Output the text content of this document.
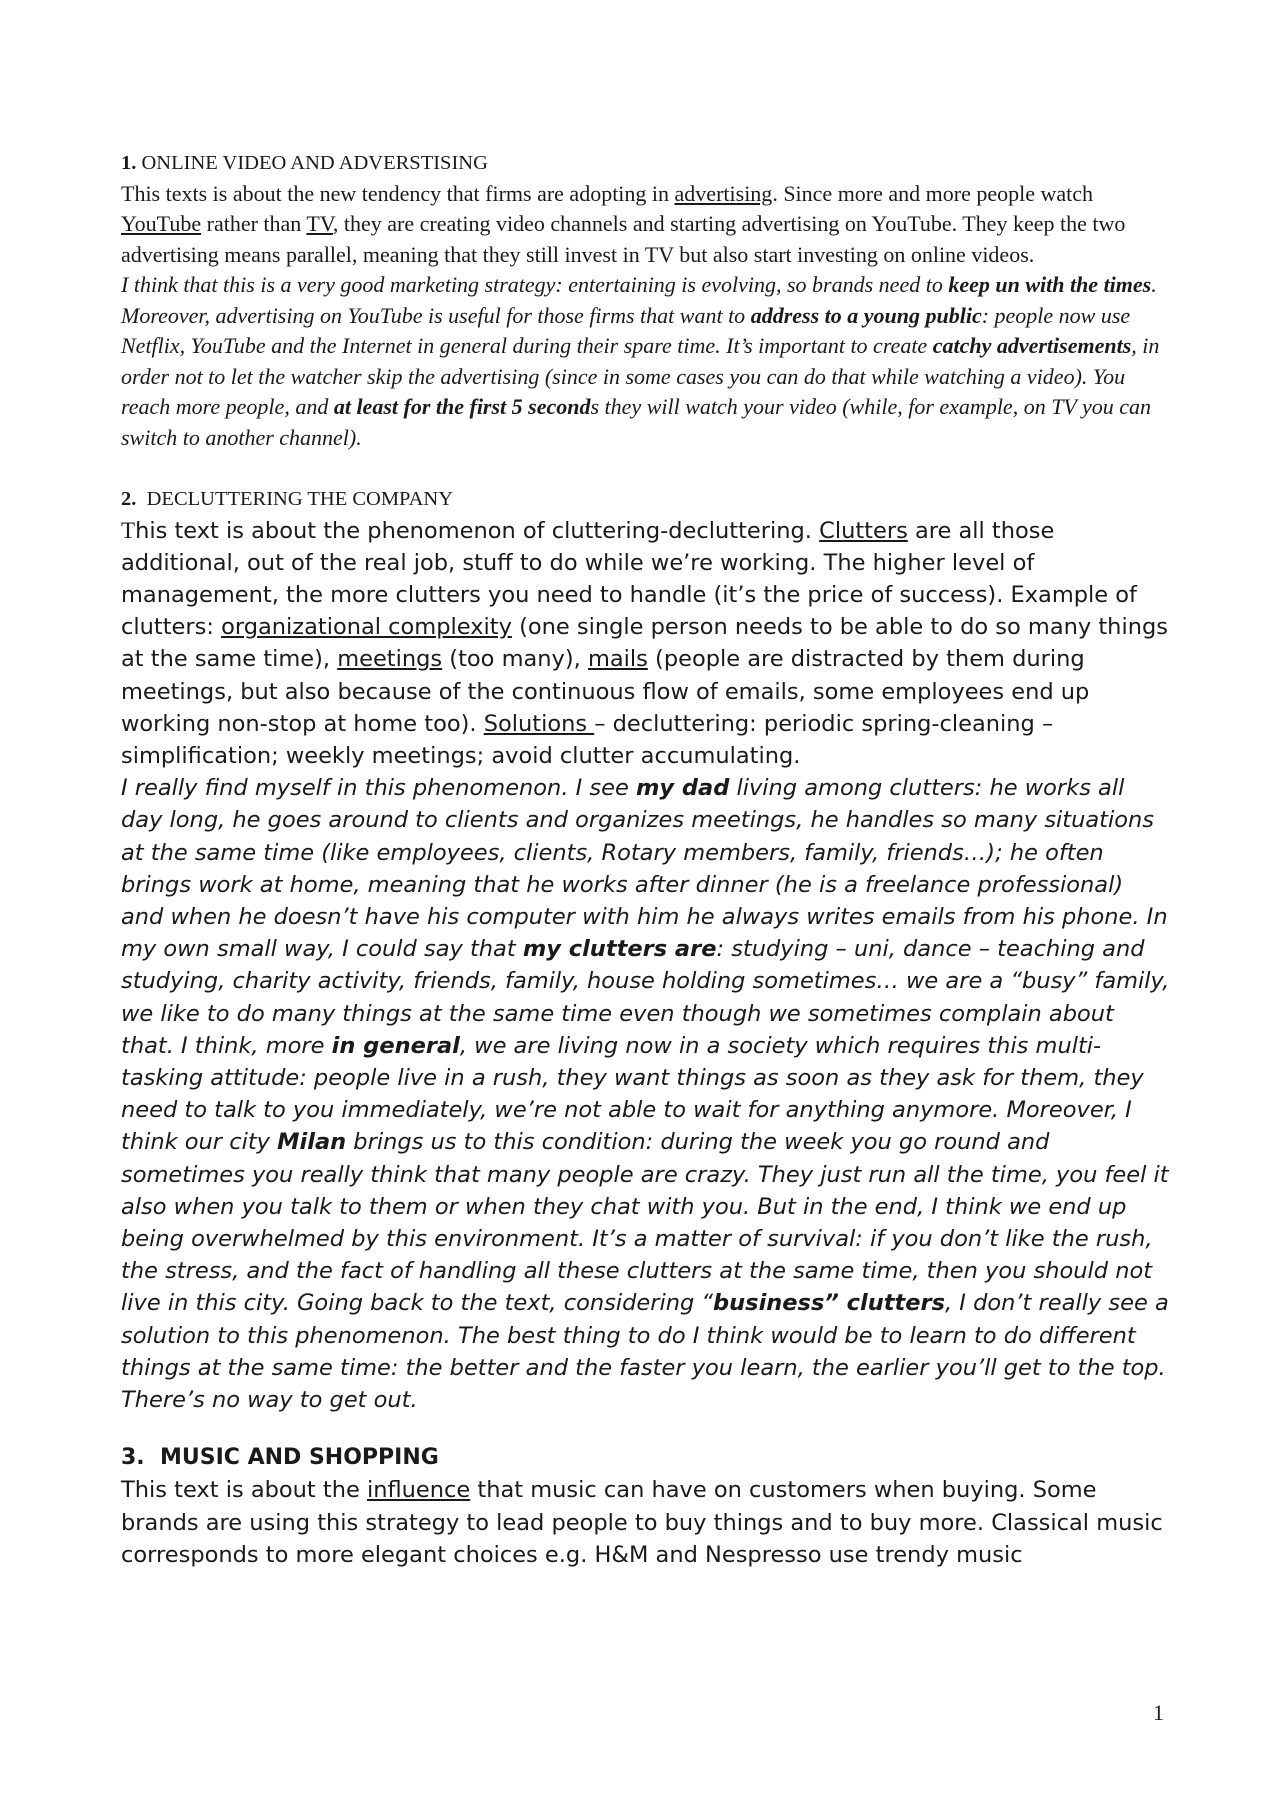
1. ONLINE VIDEO AND ADVERSTISING

This texts is about the new tendency that firms are adopting in advertising. Since more and more people watch YouTube rather than TV, they are creating video channels and starting advertising on YouTube. They keep the two advertising means parallel, meaning that they still invest in TV but also start investing on online videos.

I think that this is a very good marketing strategy: entertaining is evolving, so brands need to keep un with the times. Moreover, advertising on YouTube is useful for those firms that want to address to a young public: people now use Netflix, YouTube and the Internet in general during their spare time. It’s important to create catchy advertisements, in order not to let the watcher skip the advertising (since in some cases you can do that while watching a video). You reach more people, and at least for the first 5 seconds they will watch your video (while, for example, on TV you can switch to another channel).

2. DECLUTTERING THE COMPANY

This text is about the phenomenon of cluttering-decluttering. Clutters are all those additional, out of the real job, stuff to do while we’re working. The higher level of management, the more clutters you need to handle (it’s the price of success). Example of clutters: organizational complexity (one single person needs to be able to do so many things at the same time), meetings (too many), mails (people are distracted by them during meetings, but also because of the continuous flow of emails, some employees end up working non-stop at home too). Solutions – decluttering: periodic spring-cleaning – simplification; weekly meetings; avoid clutter accumulating.

I really find myself in this phenomenon. I see my dad living among clutters: he works all day long, he goes around to clients and organizes meetings, he handles so many situations at the same time (like employees, clients, Rotary members, family, friends…); he often brings work at home, meaning that he works after dinner (he is a freelance professional) and when he doesn’t have his computer with him he always writes emails from his phone. In my own small way, I could say that my clutters are: studying – uni, dance – teaching and studying, charity activity, friends, family, house holding sometimes… we are a “busy” family, we like to do many things at the same time even though we sometimes complain about that. I think, more in general, we are living now in a society which requires this multi-tasking attitude: people live in a rush, they want things as soon as they ask for them, they need to talk to you immediately, we’re not able to wait for anything anymore. Moreover, I think our city Milan brings us to this condition: during the week you go round and sometimes you really think that many people are crazy. They just run all the time, you feel it also when you talk to them or when they chat with you. But in the end, I think we end up being overwhelmed by this environment. It’s a matter of survival: if you don’t like the rush, the stress, and the fact of handling all these clutters at the same time, then you should not live in this city. Going back to the text, considering “business” clutters, I don’t really see a solution to this phenomenon. The best thing to do I think would be to learn to do different things at the same time: the better and the faster you learn, the earlier you’ll get to the top. There’s no way to get out.

3. MUSIC AND SHOPPING

This text is about the influence that music can have on customers when buying. Some brands are using this strategy to lead people to buy things and to buy more. Classical music corresponds to more elegant choices e.g. H&M and Nespresso use trendy music

1
